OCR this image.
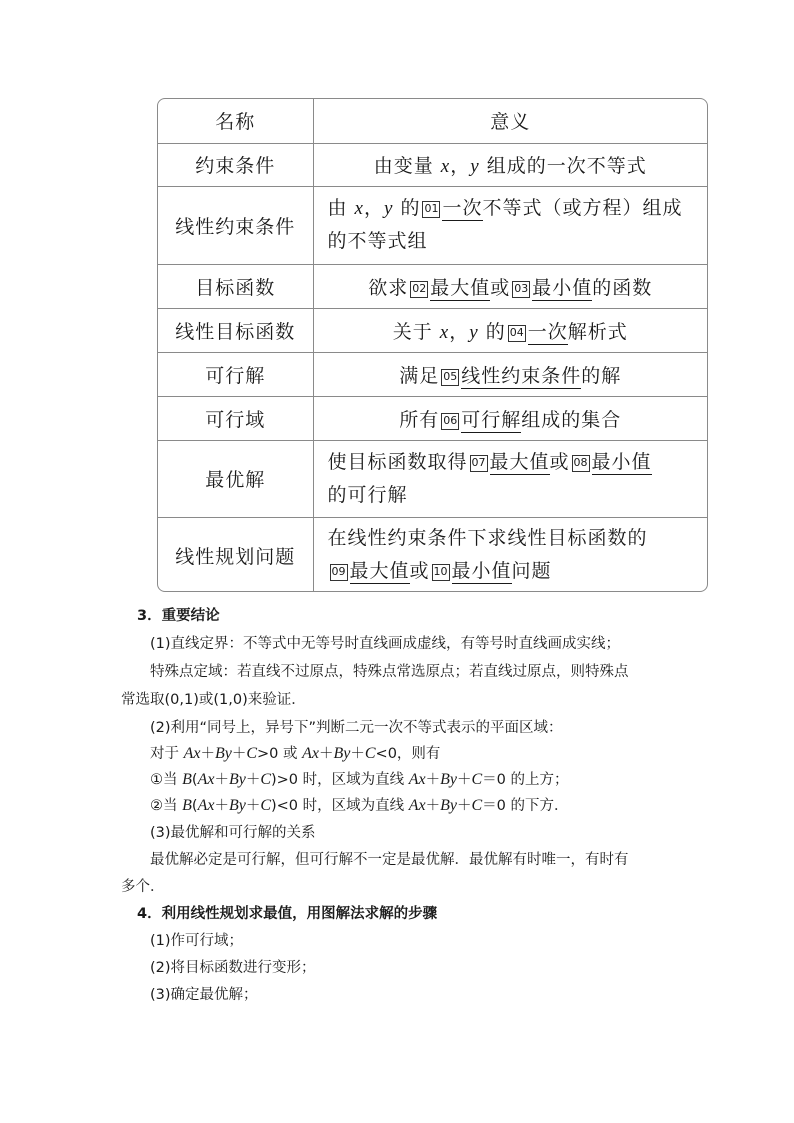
名称	意义
约束条件	由变量 x，y 组成的一次不等式
线性约束条件	由 x，y 的 01 一次不等式（或方程）组成
的不等式组
目标函数	欲求 02 最大值或 03 最小值的函数
线性目标函数	关于 x，y 的 04 一次解析式
可行解	满足 05 线性约束条件的解
可行域	所有 06 可行解组成的集合
最优解	使目标函数取得 07 最大值或 08 最小值
的可行解
线性规划问题	在线性约束条件下求线性目标函数的
09 最大值或 10 最小值问题
3．重要结论
(1)直线定界：不等式中无等号时直线画成虚线，有等号时直线画成实线；
特殊点定域：若直线不过原点，特殊点常选原点；若直线过原点，则特殊点
常选取(0,1)或(1,0)来验证．
(2)利用“同号上，异号下”判断二元一次不等式表示的平面区域：
对于 Ax＋By＋C>0 或 Ax＋By＋C<0，则有
①当 B(Ax＋By＋C)>0 时，区域为直线 Ax＋By＋C＝0 的上方；
②当 B(Ax＋By＋C)<0 时，区域为直线 Ax＋By＋C＝0 的下方．
(3)最优解和可行解的关系
最优解必定是可行解，但可行解不一定是最优解．最优解有时唯一，有时有
多个．
4．利用线性规划求最值，用图解法求解的步骤
(1)作可行域；
(2)将目标函数进行变形；
(3)确定最优解；
